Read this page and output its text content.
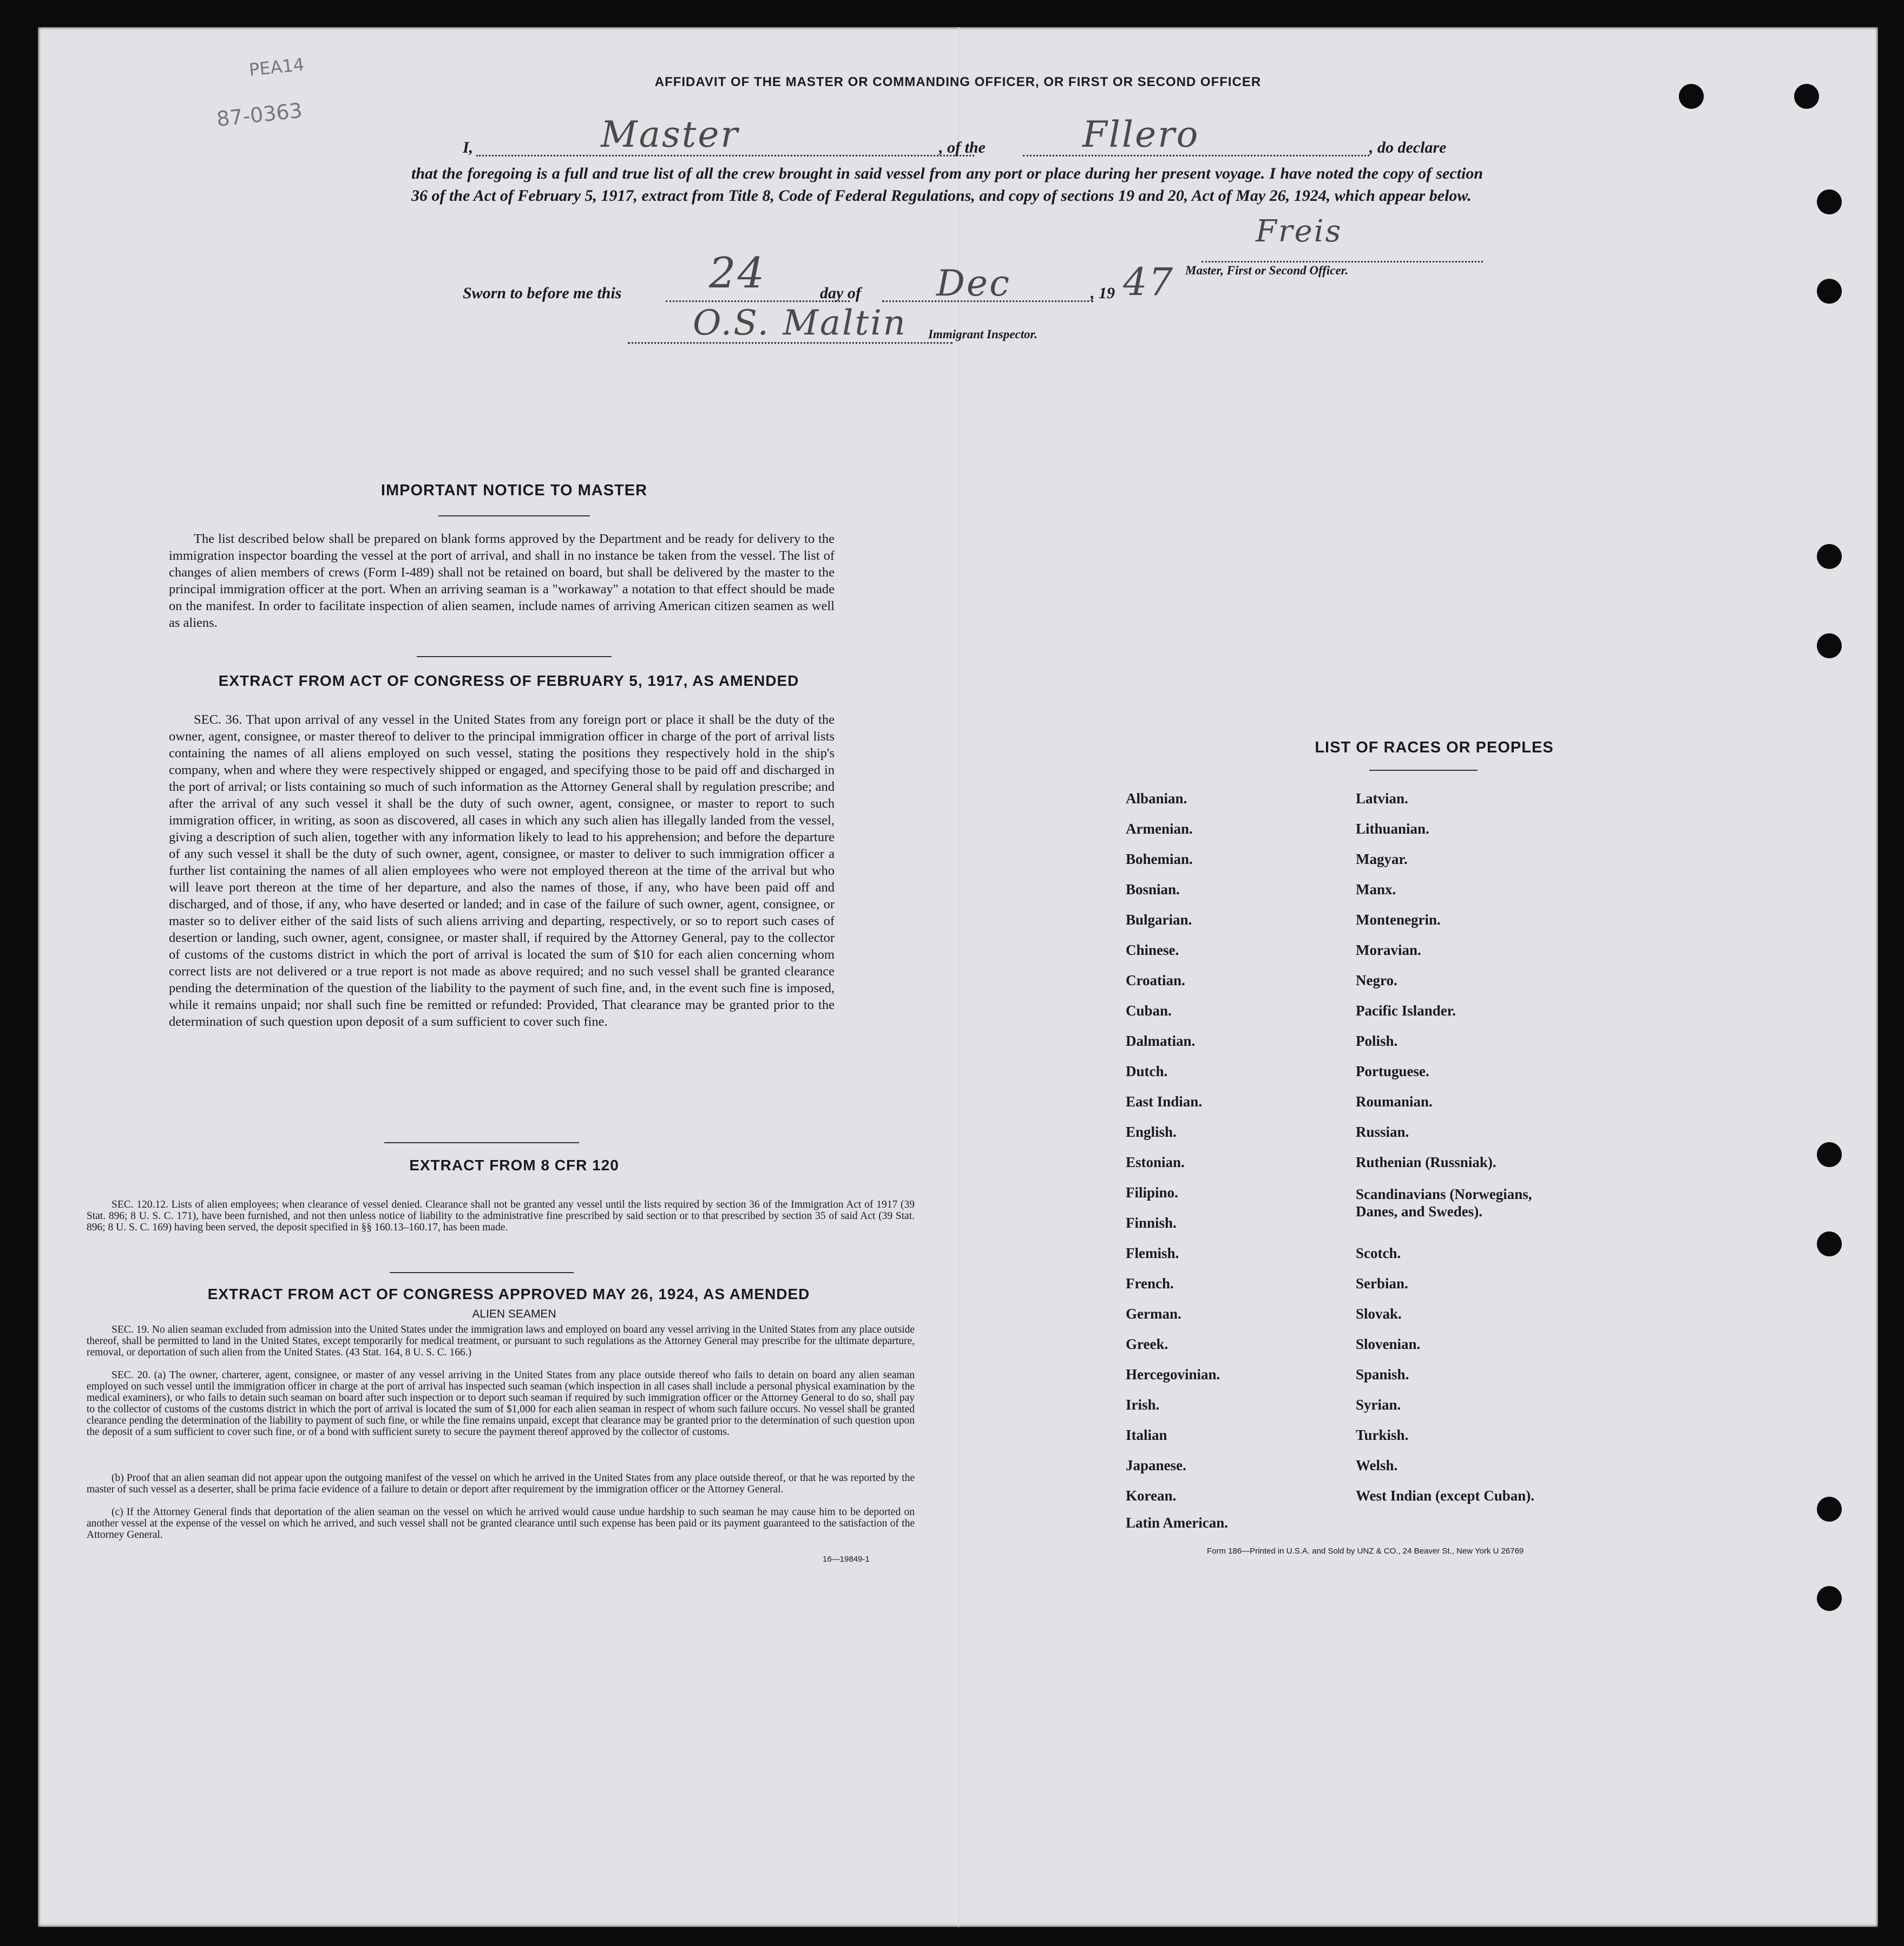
PEA14
87-0363
AFFIDAVIT OF THE MASTER OR COMMANDING OFFICER, OR FIRST OR SECOND OFFICER
I,	Master	, of the	Fllero	, do declare
that the foregoing is a full and true list of all the crew brought in said vessel from any port or place during her present voyage. I have noted the copy of section 36 of the Act of February 5, 1917, extract from Title 8, Code of Federal Regulations, and copy of sections 19 and 20, Act of May 26, 1924, which appear below.
Freis
Master, First or Second Officer.
Sworn to before me this 24	day of Dec	, 19 47
O.S. Maltin Immigrant Inspector.
IMPORTANT NOTICE TO MASTER
The list described below shall be prepared on blank forms approved by the Department and be ready for delivery to the immigration inspector boarding the vessel at the port of arrival, and shall in no instance be taken from the vessel. The list of changes of alien members of crews (Form I-489) shall not be retained on board, but shall be delivered by the master to the principal immigration officer at the port. When an arriving seaman is a "workaway" a notation to that effect should be made on the manifest. In order to facilitate inspection of alien seamen, include names of arriving American citizen seamen as well as aliens.
EXTRACT FROM ACT OF CONGRESS OF FEBRUARY 5, 1917, AS AMENDED
SEC. 36. That upon arrival of any vessel in the United States from any foreign port or place it shall be the duty of the owner, agent, consignee, or master thereof to deliver to the principal immigration officer in charge of the port of arrival lists containing the names of all aliens employed on such vessel, stating the positions they respectively hold in the ship's company, when and where they were respectively shipped or engaged, and specifying those to be paid off and discharged in the port of arrival; or lists containing so much of such information as the Attorney General shall by regulation prescribe; and after the arrival of any such vessel it shall be the duty of such owner, agent, consignee, or master to report to such immigration officer, in writing, as soon as discovered, all cases in which any such alien has illegally landed from the vessel, giving a description of such alien, together with any information likely to lead to his apprehension; and before the departure of any such vessel it shall be the duty of such owner, agent, consignee, or master to deliver to such immigration officer a further list containing the names of all alien employees who were not employed thereon at the time of the arrival but who will leave port thereon at the time of her departure, and also the names of those, if any, who have been paid off and discharged, and of those, if any, who have deserted or landed; and in case of the failure of such owner, agent, consignee, or master so to deliver either of the said lists of such aliens arriving and departing, respectively, or so to report such cases of desertion or landing, such owner, agent, consignee, or master shall, if required by the Attorney General, pay to the collector of customs of the customs district in which the port of arrival is located the sum of $10 for each alien concerning whom correct lists are not delivered or a true report is not made as above required; and no such vessel shall be granted clearance pending the determination of the question of the liability to the payment of such fine, and, in the event such fine is imposed, while it remains unpaid; nor shall such fine be remitted or refunded: Provided, That clearance may be granted prior to the determination of such question upon deposit of a sum sufficient to cover such fine.
EXTRACT FROM 8 CFR 120
SEC. 120.12. Lists of alien employees; when clearance of vessel denied. Clearance shall not be granted any vessel until the lists required by section 36 of the Immigration Act of 1917 (39 Stat. 896; 8 U. S. C. 171), have been furnished, and not then unless notice of liability to the administrative fine prescribed by said section or to that prescribed by section 35 of said Act (39 Stat. 896; 8 U. S. C. 169) having been served, the deposit specified in §§ 160.13–160.17, has been made.
EXTRACT FROM ACT OF CONGRESS APPROVED MAY 26, 1924, AS AMENDED
ALIEN SEAMEN
SEC. 19. No alien seaman excluded from admission into the United States under the immigration laws and employed on board any vessel arriving in the United States from any place outside thereof, shall be permitted to land in the United States, except temporarily for medical treatment, or pursuant to such regulations as the Attorney General may prescribe for the ultimate departure, removal, or deportation of such alien from the United States. (43 Stat. 164, 8 U. S. C. 166.)
SEC. 20. (a) The owner, charterer, agent, consignee, or master of any vessel arriving in the United States from any place outside thereof who fails to detain on board any alien seaman employed on such vessel until the immigration officer in charge at the port of arrival has inspected such seaman (which inspection in all cases shall include a personal physical examination by the medical examiners), or who fails to detain such seaman on board after such inspection or to deport such seaman if required by such immigration officer or the Attorney General to do so, shall pay to the collector of customs of the customs district in which the port of arrival is located the sum of $1,000 for each alien seaman in respect of whom such failure occurs. No vessel shall be granted clearance pending the determination of the liability to payment of such fine, or while the fine remains unpaid, except that clearance may be granted prior to the determination of such question upon the deposit of a sum sufficient to cover such fine, or of a bond with sufficient surety to secure the payment thereof approved by the collector of customs.
(b) Proof that an alien seaman did not appear upon the outgoing manifest of the vessel on which he arrived in the United States from any place outside thereof, or that he was reported by the master of such vessel as a deserter, shall be prima facie evidence of a failure to detain or deport after requirement by the immigration officer or the Attorney General.
(c) If the Attorney General finds that deportation of the alien seaman on the vessel on which he arrived would cause undue hardship to such seaman he may cause him to be deported on another vessel at the expense of the vessel on which he arrived, and such vessel shall not be granted clearance until such expense has been paid or its payment guaranteed to the satisfaction of the Attorney General.
16—19849-1
LIST OF RACES OR PEOPLES
Form 186—Printed in U.S.A. and Sold by UNZ & CO., 24 Beaver St., New York U 26769
Albanian.
Armenian.
Bohemian.
Bosnian.
Bulgarian.
Chinese.
Croatian.
Cuban.
Dalmatian.
Dutch.
East Indian.
English.
Estonian.
Filipino.
Finnish.
Flemish.
French.
German.
Greek.
Hercegovinian.
Irish.
Italian
Japanese.
Korean.
Latin American.
Latvian.
Lithuanian.
Magyar.
Manx.
Montenegrin.
Moravian.
Negro.
Pacific Islander.
Polish.
Portuguese.
Roumanian.
Russian.
Ruthenian (Russniak).
Scandinavians (Norwegians, Danes, and Swedes).
Scotch.
Serbian.
Slovak.
Slovenian.
Spanish.
Syrian.
Turkish.
Welsh.
West Indian (except Cuban).
